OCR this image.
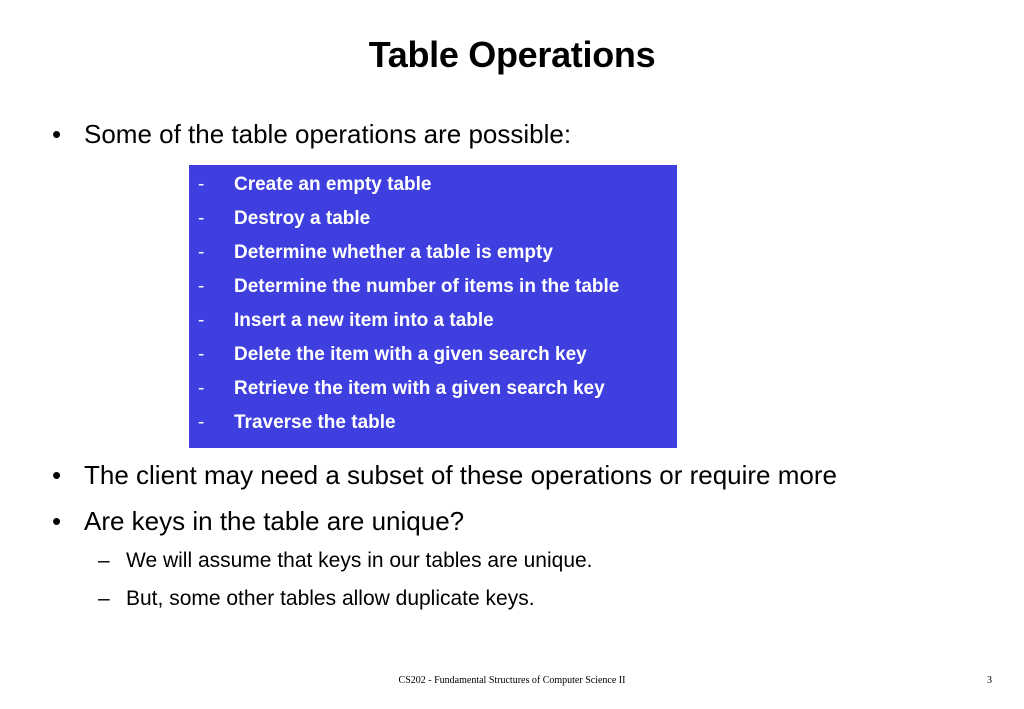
Table Operations
• Some of the table operations are possible:
- Create an empty table
- Destroy a table
- Determine whether a table is empty
- Determine the number of items in the table
- Insert a new item into a table
- Delete the item with a given search key
- Retrieve the item with a given search key
- Traverse the table
• The client may need a subset of these operations or require more
• Are keys in the table are unique?
– We will assume that keys in our tables are unique.
– But, some other tables allow duplicate keys.
CS202 - Fundamental Structures of Computer Science II	3
